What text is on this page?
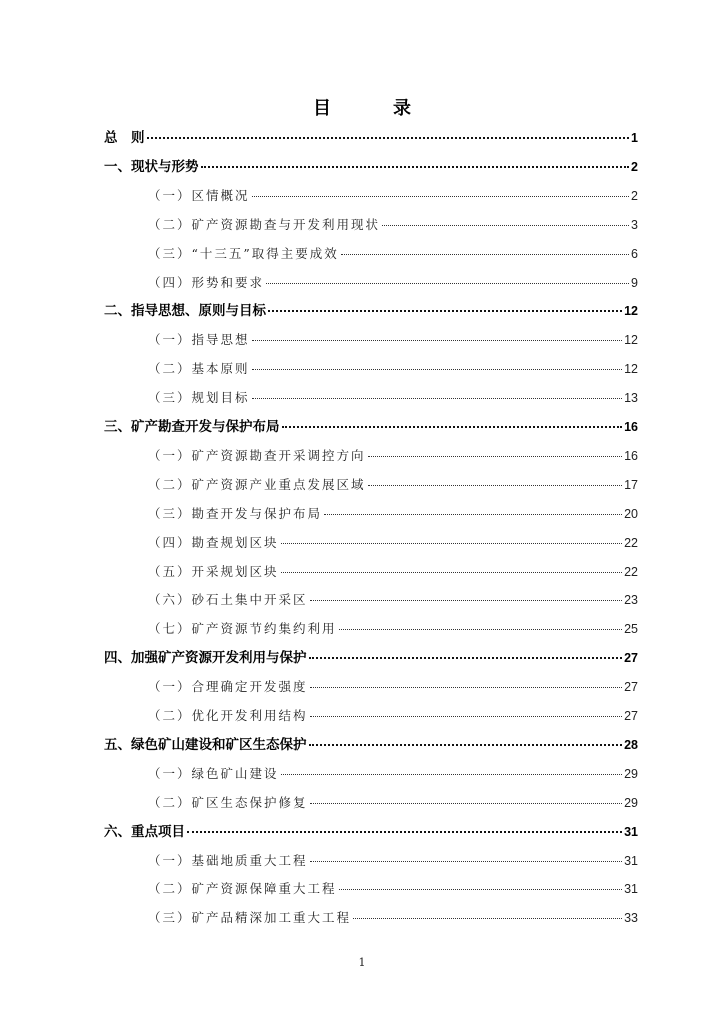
目　录
总　则	1
一、现状与形势	2
（一）区情概况	2
（二）矿产资源勘查与开发利用现状	3
（三）“十三五”取得主要成效	6
（四）形势和要求	9
二、指导思想、原则与目标	12
（一）指导思想	12
（二）基本原则	12
（三）规划目标	13
三、矿产勘查开发与保护布局	16
（一）矿产资源勘查开采调控方向	16
（二）矿产资源产业重点发展区域	17
（三）勘查开发与保护布局	20
（四）勘查规划区块	22
（五）开采规划区块	22
（六）砂石土集中开采区	23
（七）矿产资源节约集约利用	25
四、加强矿产资源开发利用与保护	27
（一）合理确定开发强度	27
（二）优化开发利用结构	27
五、绿色矿山建设和矿区生态保护	28
（一）绿色矿山建设	29
（二）矿区生态保护修复	29
六、重点项目	31
（一）基础地质重大工程	31
（二）矿产资源保障重大工程	31
（三）矿产品精深加工重大工程	33
1
